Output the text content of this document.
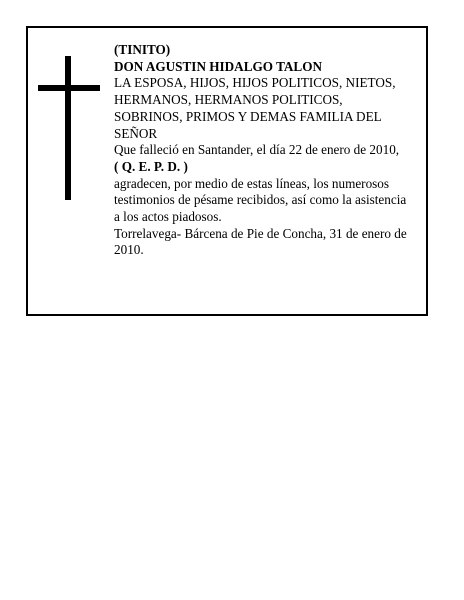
(TINITO)
DON AGUSTIN HIDALGO TALON
LA ESPOSA, HIJOS, HIJOS POLITICOS, NIETOS,
HERMANOS, HERMANOS POLITICOS,
SOBRINOS, PRIMOS Y DEMAS FAMILIA DEL
SEÑOR
Que falleció en Santander, el día 22 de enero de 2010,
( Q. E. P. D. )
agradecen, por medio de estas líneas, los numerosos
testimonios de pésame recibidos, así como la asistencia
a los actos piadosos.
Torrelavega- Bárcena de Pie de Concha, 31 de enero de
2010.
